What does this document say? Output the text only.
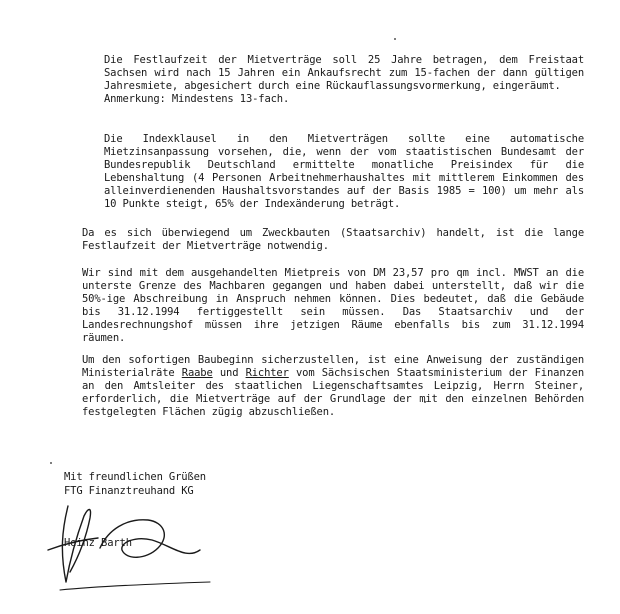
Die Festlaufzeit der Mietverträge soll 25 Jahre betragen, dem Freistaat Sachsen wird nach 15 Jahren ein Ankaufsrecht zum 15-fachen der dann gültigen Jahresmiete, abgesichert durch eine Rückauflassungsvormerkung, eingeräumt.

Anmerkung: Mindestens 13-fach.

Die Indexklausel in den Mietverträgen sollte eine automatische Mietzinsanpassung vorsehen, die, wenn der vom staatistischen Bundesamt der Bundesrepublik Deutschland ermittelte monatliche Preisindex für die Lebenshaltung (4 Personen Arbeitnehmerhaushaltes mit mittlerem Einkommen des alleinverdienenden Haushaltsvorstandes auf der Basis 1985 = 100) um mehr als 10 Punkte steigt, 65% der Indexänderung beträgt.

Da es sich überwiegend um Zweckbauten (Staatsarchiv) handelt, ist die lange Festlaufzeit der Mietverträge notwendig.

Wir sind mit dem ausgehandelten Mietpreis von DM 23,57 pro qm incl. MWST an die unterste Grenze des Machbaren gegangen und haben dabei unterstellt, daß wir die 50%-ige Abschreibung in Anspruch nehmen können. Dies bedeutet, daß die Gebäude bis 31.12.1994 fertiggestellt sein müssen. Das Staatsarchiv und der Landesrechnungshof müssen ihre jetzigen Räume ebenfalls bis zum 31.12.1994 räumen.

Um den sofortigen Baubeginn sicherzustellen, ist eine Anweisung der zuständigen Ministerialräte Raabe und Richter vom Sächsischen Staatsministerium der Finanzen an den Amtsleiter des staatlichen Liegenschaftsamtes Leipzig, Herrn Steiner, erforderlich, die Mietverträge auf der Grundlage der mit den einzelnen Behörden festgelegten Flächen zügig abzuschließen.

Mit freundlichen Grüßen
FTG Finanztreuhand KG
Heinz Barth
